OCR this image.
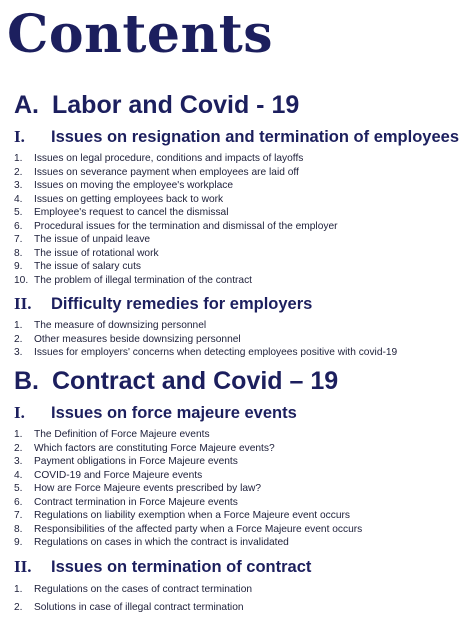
Contents
A. Labor and Covid - 19
I. Issues on resignation and termination of employees
1. Issues on legal procedure, conditions and impacts of layoffs
2. Issues on severance payment when employees are laid off
3. Issues on moving the employee's workplace
4. Issues on getting employees back to work
5. Employee's request to cancel the dismissal
6. Procedural issues for the termination and dismissal of the employer
7. The issue of unpaid leave
8. The issue of rotational work
9. The issue of salary cuts
10. The problem of illegal termination of the contract
II. Difficulty remedies for employers
1. The measure of downsizing personnel
2. Other measures beside downsizing personnel
3. Issues for employers' concerns when detecting employees positive with covid-19
B. Contract and Covid – 19
I. Issues on force majeure events
1. The Definition of Force Majeure events
2. Which factors are constituting Force Majeure events?
3. Payment obligations in Force Majeure events
4. COVID-19 and Force Majeure events
5. How are Force Majeure events prescribed by law?
6. Contract termination in Force Majeure events
7. Regulations on liability exemption when a Force Majeure event occurs
8. Responsibilities of the affected party when a Force Majeure event occurs
9. Regulations on cases in which the contract is invalidated
II. Issues on termination of contract
1. Regulations on the cases of contract termination
2. Solutions in case of illegal contract termination
